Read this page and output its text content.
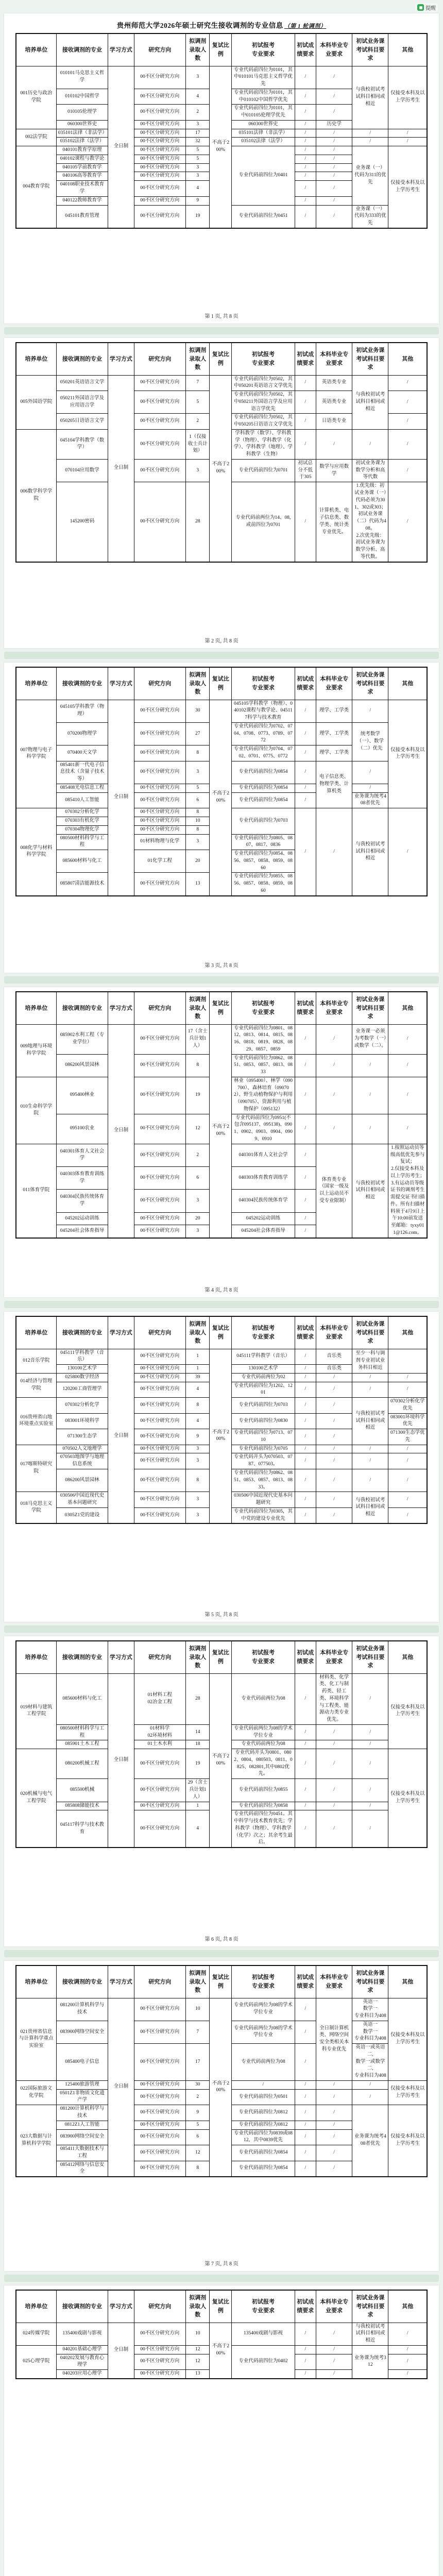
提醒
贵州师范大学2026年硕士研究生接收调剂的专业信息 （第 1 轮调剂）
培养单位	接收调剂的专业	学习方式	研究方向	拟调剂录取人数	复试比例	初试报考
专业要求	初试成绩要求	本科毕业专业要求	初试业务课考试科目要求	其他
001历史与政治学院	010101马克思主义哲学	全日制	00不区分研究方向	3	不高于200%	专业代码前四位为0101，其中010101马克思主义哲学优先	/	/	与我校初试考试科目相同或相近	仅接受本科及以上学历考生
	010102中国哲学		00不区分研究方向	4		专业代码前四位为0101，其中010102中国哲学优先	/	/		
	010105伦理学		00不区分研究方向	2		专业代码前四位为0101，其中010105伦理学优先	/	/		
	060300世界史		00不区分研究方向	3		060300世界史	/	历史学		
002法学院	035101法律（非法学）		00不区分研究方向	17		035101法律（非法学）	/	/	/	/
	035102法律（法学）		00不区分研究方向	32		035102法律（法学）	/	/	/	/
004教育学院	040101教育学原理		00不区分研究方向	5		专业代码前四位为0401	/	/	业务课（一）代码为311的优先	仅接受本科及以上学历考生
	040102课程与教学论		00不区分研究方向	5			/	/		
	040105学前教育学		00不区分研究方向	3			/	/		
	040106高等教育学		00不区分研究方向	3			/	/		
	040108职业技术教育学		00不区分研究方向	4			/	/		
	040122教师教育学		00不区分研究方向	9			/	/		
	045101教育管理		00不区分研究方向	19		专业代码前四位为0451	/	/	业务课（一）代码为333的优先	
第 1 页, 共 8 页
培养单位	接收调剂的专业	学习方式	研究方向	拟调剂录取人数	复试比例	初试报考
专业要求	初试成绩要求	本科毕业专业要求	初试业务课考试科目要求	其他
005外国语学院	050201英语语言文学	全日制	00不区分研究方向	7	不高于200%	专业代码前四位为0502，其中050201英语语言文学优先	/	英语类专业	与我校初试考试科目相同或相近	/
	050211外国语言学及应用语言学		00不区分研究方向	5		专业代码前四位为0502，其中050211外国语言学及应用语言学优先	/	英语类专业		/
	050205日语语言文学		00不区分研究方向	2		专业代码前四位为0502，其中050205日语语言文学优先	/	日语类专业		/
006数学科学学院	045104学科教学（数学）		00不区分研究方向	1（仅接收士兵计划）		学科教学（数学）、学科教学（物理）、学科教学（化学）、学科教学（地理）、学科教学（生物）	/	/	/	/
	070104应用数学		00不区分研究方向	3		专业代码前四位为0701	初试总分不低于305	数学与应用数学	初试业务课为数学分析和高等代数	/
	145200密码		00不区分研究方向	28		专业代码前两位为14、08,或前四位为0701	/	计算机类、电子信息类、数学类、统计类专业优先。	1.优先级：初试业务课（一）代码必须为301、302或303；初试业务课（二）代码为408。
2.次优先级：初试业务课为数学分析、高等代数。	/
第 2 页, 共 8 页
培养单位	接收调剂的专业	学习方式	研究方向	拟调剂录取人数	复试比例	初试报考
专业要求	初试成绩要求	本科毕业专业要求	初试业务课考试科目要求	其他
007物理与电子科学学院	045105学科教学（物理）	全日制	00不区分研究方向	30	不高于200%	045105学科教学（物理）、040102课程与教学论、045117科学与技术教育	/	理学、工学类	/	仅接受本科及以上学历考生
	070200物理学		00不区分研究方向	27		专业代码前四位为0702、0704、0708、0773、0789、0772	/	理学、工学类	统考数学（一）、数学（二）优先	
	070400天文学		00不区分研究方向	8		专业代码前四位为0704、0702、0701、0775、0772	/	理学、工学类		
	085401新一代电子信息技术（含量子技术等）		00不区分研究方向	3		专业代码前四位为0854	/	电子信息类、物理学类、计算机类	/	
	085408光电信息工程		00不区分研究方向	5		专业代码前四位为0854	/		/	
	085410人工智能		00不区分研究方向	6		专业代码前四位为0854	/		业务课为统考408者优先	
008化学与材料科学学院	070302分析化学		00不区分研究方向	8		专业代码前四位为0703	/	/	与我校初试考试科目相同或相近	/
	070303有机化学		00不区分研究方向	10						
	070304物理化学		00不区分研究方向	8						
	080500材料科学与工程		01材料物理与化学	3		专业代码前四位为0805、0807、0817、0836				
	085600材料与化工		01化学工程	20		专业代码前四位为0854、0856、0857、0858、0859、0860				
	085807清洁能源技术		00不区分研究方向	13		专业代码前四位为0855、0856、0857、0858、0859、0860				
第 3 页, 共 8 页
培养单位	接收调剂的专业	学习方式	研究方向	拟调剂录取人数	复试比例	初试报考
专业要求	初试成绩要求	本科毕业专业要求	初试业务课考试科目要求	其他
009地理与环境科学学院	085902水利工程（专业学位）	全日制	00不区分研究方向	17（含士兵计划1人）	不高于200%	专业代码前四位为0801、0812、0813、0814、0815、0816、0818、0819、0828、0829、0857、0859	/	/	业务课一必须为考数学（一）或数学（二）。	/
	086200风景园林		00不区分研究方向	8		专业代码前四位为0862、0851、0853、0857、0813、0833	/	/	/	/
010生命科学学院	095400林业		00不区分研究方向	19		林业（095400）、林学（090700）、森林培育（090702）、野生动植物保护与利用（090705）、资源利用与植物保护（095132）	/	/	/	/
	095100农业		00不区分研究方向	12		专业代码前四位为0951(不包含095137、095138)、0901、0902、0903、0904、0909、0910	/	/	/	/
011体育学院	040301体育人文社会学		00不区分研究方向	2		040301体育人文社会学	/	体育类专业（国家一级及以上运动员不受专业限制）	与我校初试考试科目相同或相近	1.按照运动员等级高低优先参与复试；
2.仅接受本科及以上学历考生；
3.有运动员等级证书的调剂考生需提交证书扫描件。所有扫描材料须于4月9日上午10:00前发送至邮箱：tyxy011@126.com。
	040303体育教育训练学		00不区分研究方向	6		040303体育教育训练学	/			
	040304民族传统体育学		00不区分研究方向	3		040304民族传统体育学	/			
	045202运动训练		00不区分研究方向	20		045202运动训练	/			
	045204社会体育指导		00不区分研究方向	3		045204社会体育指导	/			
第 4 页, 共 8 页
培养单位	接收调剂的专业	学习方式	研究方向	拟调剂录取人数	复试比例	初试报考
专业要求	初试成绩要求	本科毕业专业要求	初试业务课考试科目要求	其他
012音乐学院	045111学科教学（音乐）	全日制	00不区分研究方向	1	不高于200%	045111学科教学（音乐）	/	音乐类	至少一科与调剂专业初试业务科目相近	
	130100艺术学		00不区分研究方向	1		130100艺术学	/	音乐类		
014经济与管理学院	025800数字经济		00不区分研究方向	39		专业代码前两位为02	/	/	/	/
	120200工商管理学		00不区分研究方向	4		专业代码前四位为1202、1201	/	/	/	/
016贵州省山地环境重点实验室	070302分析化学		00不区分研究方向	8		专业代码前四位为0703	/	/	与我校初试考试科目相同或相近	070302分析化学优先
	083001环境科学		00不区分研究方向	4		专业代码前四位为0830	/	/		083001环境科学优先
	071300生态学		00不区分研究方向	9		专业代码前四位为0713、0710	/	/		071300生态学优先
017喀斯特研究院	070502人文地理学		00不区分研究方向	3		专业代码前四位为0705	/	/	/	/
	070503地图学与地理信息系统		00不区分研究方向	3		专业代码开头为070503、0787、077503。	/	/	/	/
	086200风景园林		00不区分研究方向	8		专业代码前四位为0862、0851、0853、0857、0813、0833。	/	/	/	/
018马克思主义学院	030506中国近现代史基本问题研究		00不区分研究方向	3		030506中国近现代史基本问题研究	/	/	与我校初试考试科目相同或相近	/
	0305Z1党的建设		00不区分研究方向	3		专业代码前四位为0305，其中党的建设专业优先	/	/		/
第 5 页, 共 8 页
培养单位	接收调剂的专业	学习方式	研究方向	拟调剂录取人数	复试比例	初试报考
专业要求	初试成绩要求	本科毕业专业要求	初试业务课考试科目要求	其他
019材料与建筑工程学院	085600材料与化工	全日制	01材料工程
02冶金工程	28	不高于200%	专业代码前两位为08	/	材料类、化学类、化工与制药类、轻工类、环境科学与工程类、能源动力类专业优先。	/	仅接受本科及以上学历考生
	080500材料科学与工程		01材料学
02环境材料	14		专业代码前两位为08的学术学位专业	/	/	/	
	085901土木工程		01土木水利	18		专业代码前两位为08	/	/	/	
020机械与电气工程学院	080200机械工程		00不区分研究方向	19		专业代码开头为0801、0802、0804、080503、0811、0825、082801,其中0802优先。	/	/	/	仅接受本科及以上学历考生
	085500机械		00不区分研究方向	29（含士兵计划1人）		专业代码前四位为0855	/	/	/	
	085808储能技术		00不区分研究方向	1		专业代码前四位为0858	/	/	/	
	045117科学与技术教育		00不区分研究方向	4		专业代码前四位为0451。其中科学与技术教育优先；学科教学（物理）、学科教学（化学）次之；其余考生最后。	/	/	/	
第 6 页, 共 8 页
培养单位	接收调剂的专业	学习方式	研究方向	拟调剂录取人数	复试比例	初试报考
专业要求	初试成绩要求	本科毕业专业要求	初试业务课考试科目要求	其他
021贵州省信息与计算科学重点实验室	081200计算机科学与技术	全日制	00不区分研究方向	10	不高于200%	专业代码前两位为08的学术学位专业	/	全日制计算机类、网络空间安全类相关本科专业优先	英语一
数学一
专业科目为408	仅接受本科及以上学历考生
	083900网络空间安全		00不区分研究方向	7		专业代码前两位为08的学术学位专业	/		英语一
数学一
专业科目为408	
	085400电子信息		00不区分研究方向	17		专业代码前两位为08	/		英语一或英语二,
数学一或数学二,
专业科目为408	
022国际旅游文化学院	125400旅游管理		00不区分研究方向	30		/	/	/	/	仅接受本科及以上学历考生
	0501Z1非物质文化遗产学		00不区分研究方向	2		专业代码前四位为0501	/	/	/	
023大数据与计算机科学学院	081200计算机科学与技术		00不区分研究方向	9		专业代码前四位为0812	/	/	业务课为统考408者优先	仅接受本科及以上学历考生
	0812Z1人工智能		00不区分研究方向	5		专业代码前四位为0812	/	/		
	083900网络空间安全		00不区分研究方向	6		专业代码前四位为0839或0812，其中0839优先	/	/		
	085411大数据技术与工程		00不区分研究方向	12		专业代码前四位为0854	/	/		
	085412网络与信息安全		00不区分研究方向	8		专业代码前四位为0854	/	/		
第 7 页, 共 8 页
培养单位	接收调剂的专业	学习方式	研究方向	拟调剂录取人数	复试比例	初试报考
专业要求	初试成绩要求	本科毕业专业要求	初试业务课考试科目要求	其他
024传媒学院	135400戏剧与影视	全日制	00不区分研究方向	10	不高于200%	135400戏剧与影视	/	/	与我校初试考试科目相同或相近	/
025心理学院	040201基础心理学		00不区分研究方向	12		专业代码前四位为0402	/	/	业务课为统考312	/
	040202发展与教育心理学		00不区分研究方向	12			/	/		/
	040203应用心理学		00不区分研究方向	13			/	/		/
